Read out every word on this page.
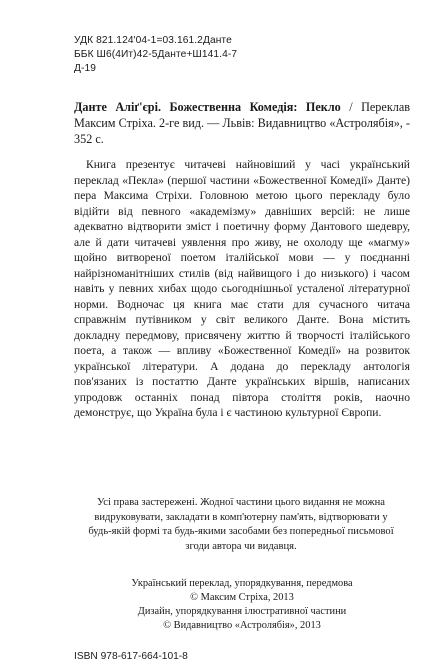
УДК 821.124'04-1=03.161.2Данте
ББК Ш6(4Ит)42-5Данте+Ш141.4-7
Д-19
Данте Аліґ'єрі. Божественна Комедія: Пекло / Переклав Максим Стріха. 2-ге вид. — Львів: Видавництво «Астролябія», - 352 с.

Книга презентує читачеві найновіший у часі український переклад «Пекла» (першої частини «Божественної Комедії» Данте) пера Максима Стріхи. Головною метою цього перекладу було відійти від певного «академізму» давніших версій: не лише адекватно відтворити зміст і поетичну форму Дантового шедевру, але й дати читачеві уявлення про живу, не охолоду ще «магму» щойно витвореної поетом італійської мови — у поєднанні найрізноманітніших стилів (від найвищого і до низького) і часом навіть у певних хибах щодо сьогоднішньої усталеної літературної норми. Водночас ця книга має стати для сучасного читача справжнім путівником у світ великого Данте. Вона містить докладну передмову, присвячену життю й творчості італійського поета, а також — впливу «Божественної Комедії» на розвиток української літератури. А додана до перекладу антологія пов'язаних із постаттю Данте українських віршів, написаних упродовж останніх понад півтора століття років, наочно демонструє, що Україна була і є частиною культурної Європи.

Усі права застережені. Жодної частини цього видання не можна видруковувати, закладати в комп'ютерну пам'ять, відтворювати у будь-якій формі та будь-якими засобами без попередньої письмової згоди автора чи видавця.
Український переклад, упорядкування, передмова
© Максим Стріха, 2013
Дизайн, упорядкування ілюстративної частини
© Видавництво «Астролябія», 2013
ISBN 978-617-664-101-8
